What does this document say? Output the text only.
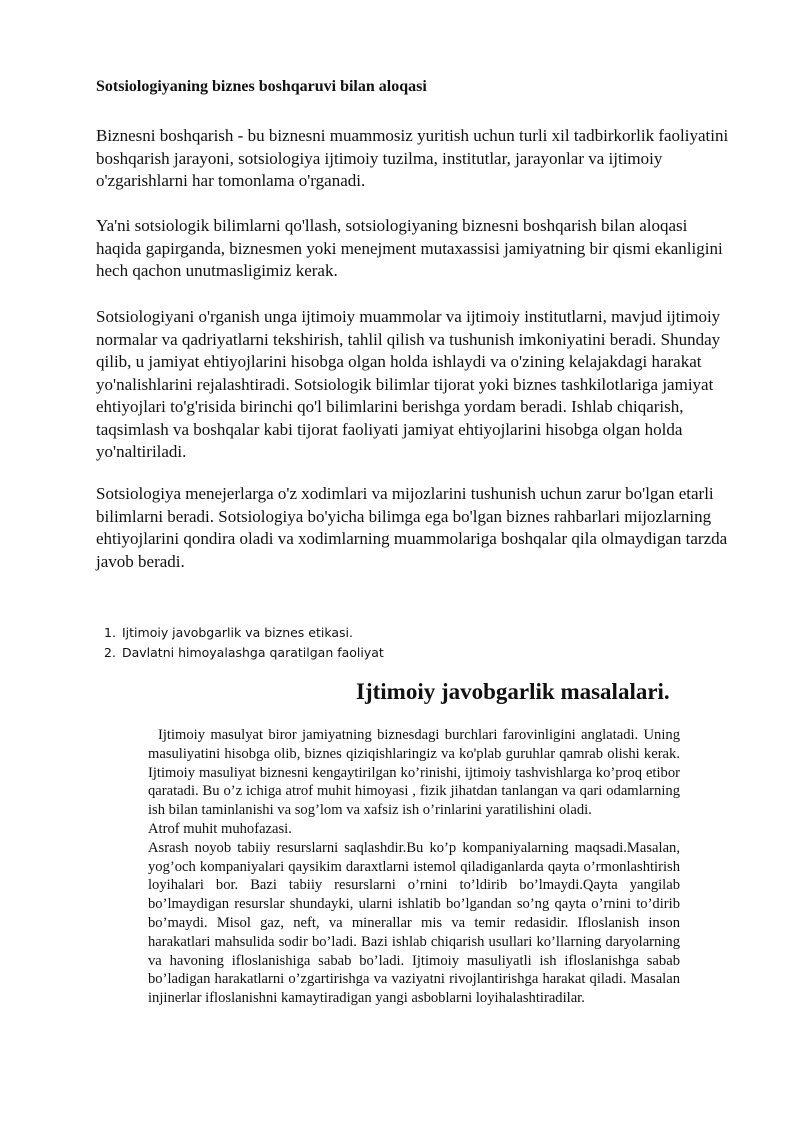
Sotsiologiyaning biznes boshqaruvi bilan aloqasi

Biznesni boshqarish - bu biznesni muammosiz yuritish uchun turli xil tadbirkorlik faoliyatini boshqarish jarayoni, sotsiologiya ijtimoiy tuzilma, institutlar, jarayonlar va ijtimoiy o'zgarishlarni har tomonlama o'rganadi.

Ya'ni sotsiologik bilimlarni qo'llash, sotsiologiyaning biznesni boshqarish bilan aloqasi haqida gapirganda, biznesmen yoki menejment mutaxassisi jamiyatning bir qismi ekanligini hech qachon unutmasligimiz kerak.

Sotsiologiyani o'rganish unga ijtimoiy muammolar va ijtimoiy institutlarni, mavjud ijtimoiy normalar va qadriyatlarni tekshirish, tahlil qilish va tushunish imkoniyatini beradi. Shunday qilib, u jamiyat ehtiyojlarini hisobga olgan holda ishlaydi va o'zining kelajakdagi harakat yo'nalishlarini rejalashtiradi. Sotsiologik bilimlar tijorat yoki biznes tashkilotlariga jamiyat ehtiyojlari to'g'risida birinchi qo'l bilimlarini berishga yordam beradi. Ishlab chiqarish, taqsimlash va boshqalar kabi tijorat faoliyati jamiyat ehtiyojlarini hisobga olgan holda yo'naltiriladi.

Sotsiologiya menejerlarga o'z xodimlari va mijozlarini tushunish uchun zarur bo'lgan etarli bilimlarni beradi. Sotsiologiya bo'yicha bilimga ega bo'lgan biznes rahbarlari mijozlarning ehtiyojlarini qondira oladi va xodimlarning muammolariga boshqalar qila olmaydigan tarzda javob beradi.

1. Ijtimoiy javobgarlik va biznes etikasi.
2. Davlatni himoyalashga qaratilgan faoliyat
Ijtimoiy javobgarlik masalalari.

Ijtimoiy masulyat biror jamiyatning biznesdagi burchlari farovinligini anglatadi. Uning masuliyatini hisobga olib, biznes qiziqishlaringiz va ko'plab guruhlar qamrab olishi kerak. Ijtimoiy masuliyat biznesni kengaytirilgan ko’rinishi, ijtimoiy tashvishlarga ko’proq etibor qaratadi. Bu o’z ichiga atrof muhit himoyasi , fizik jihatdan tanlangan va qari odamlarning ish bilan taminlanishi va sog’lom va xafsiz ish o’rinlarini yaratilishini oladi.

Atrof muhit muhofazasi.

Asrash noyob tabiiy resurslarni saqlashdir.Bu ko’p kompaniyalarning maqsadi.Masalan, yog’och kompaniyalari qaysikim daraxtlarni istemol qiladiganlarda qayta o’rmonlashtirish loyihalari bor. Bazi tabiiy resurslarni o’rnini to’ldirib bo’lmaydi.Qayta yangilab bo’lmaydigan resurslar shundayki, ularni ishlatib bo’lgandan so’ng qayta o’rnini to’dirib bo’maydi. Misol gaz, neft, va minerallar mis va temir redasidir. Ifloslanish inson harakatlari mahsulida sodir bo’ladi. Bazi ishlab chiqarish usullari ko’llarning daryolarning va havoning ifloslanishiga sabab bo’ladi. Ijtimoiy masuliyatli ish ifloslanishga sabab bo’ladigan harakatlarni o’zgartirishga va vaziyatni rivojlantirishga harakat qiladi. Masalan injinerlar ifloslanishni kamaytiradigan yangi asboblarni loyihalashtiradilar.
